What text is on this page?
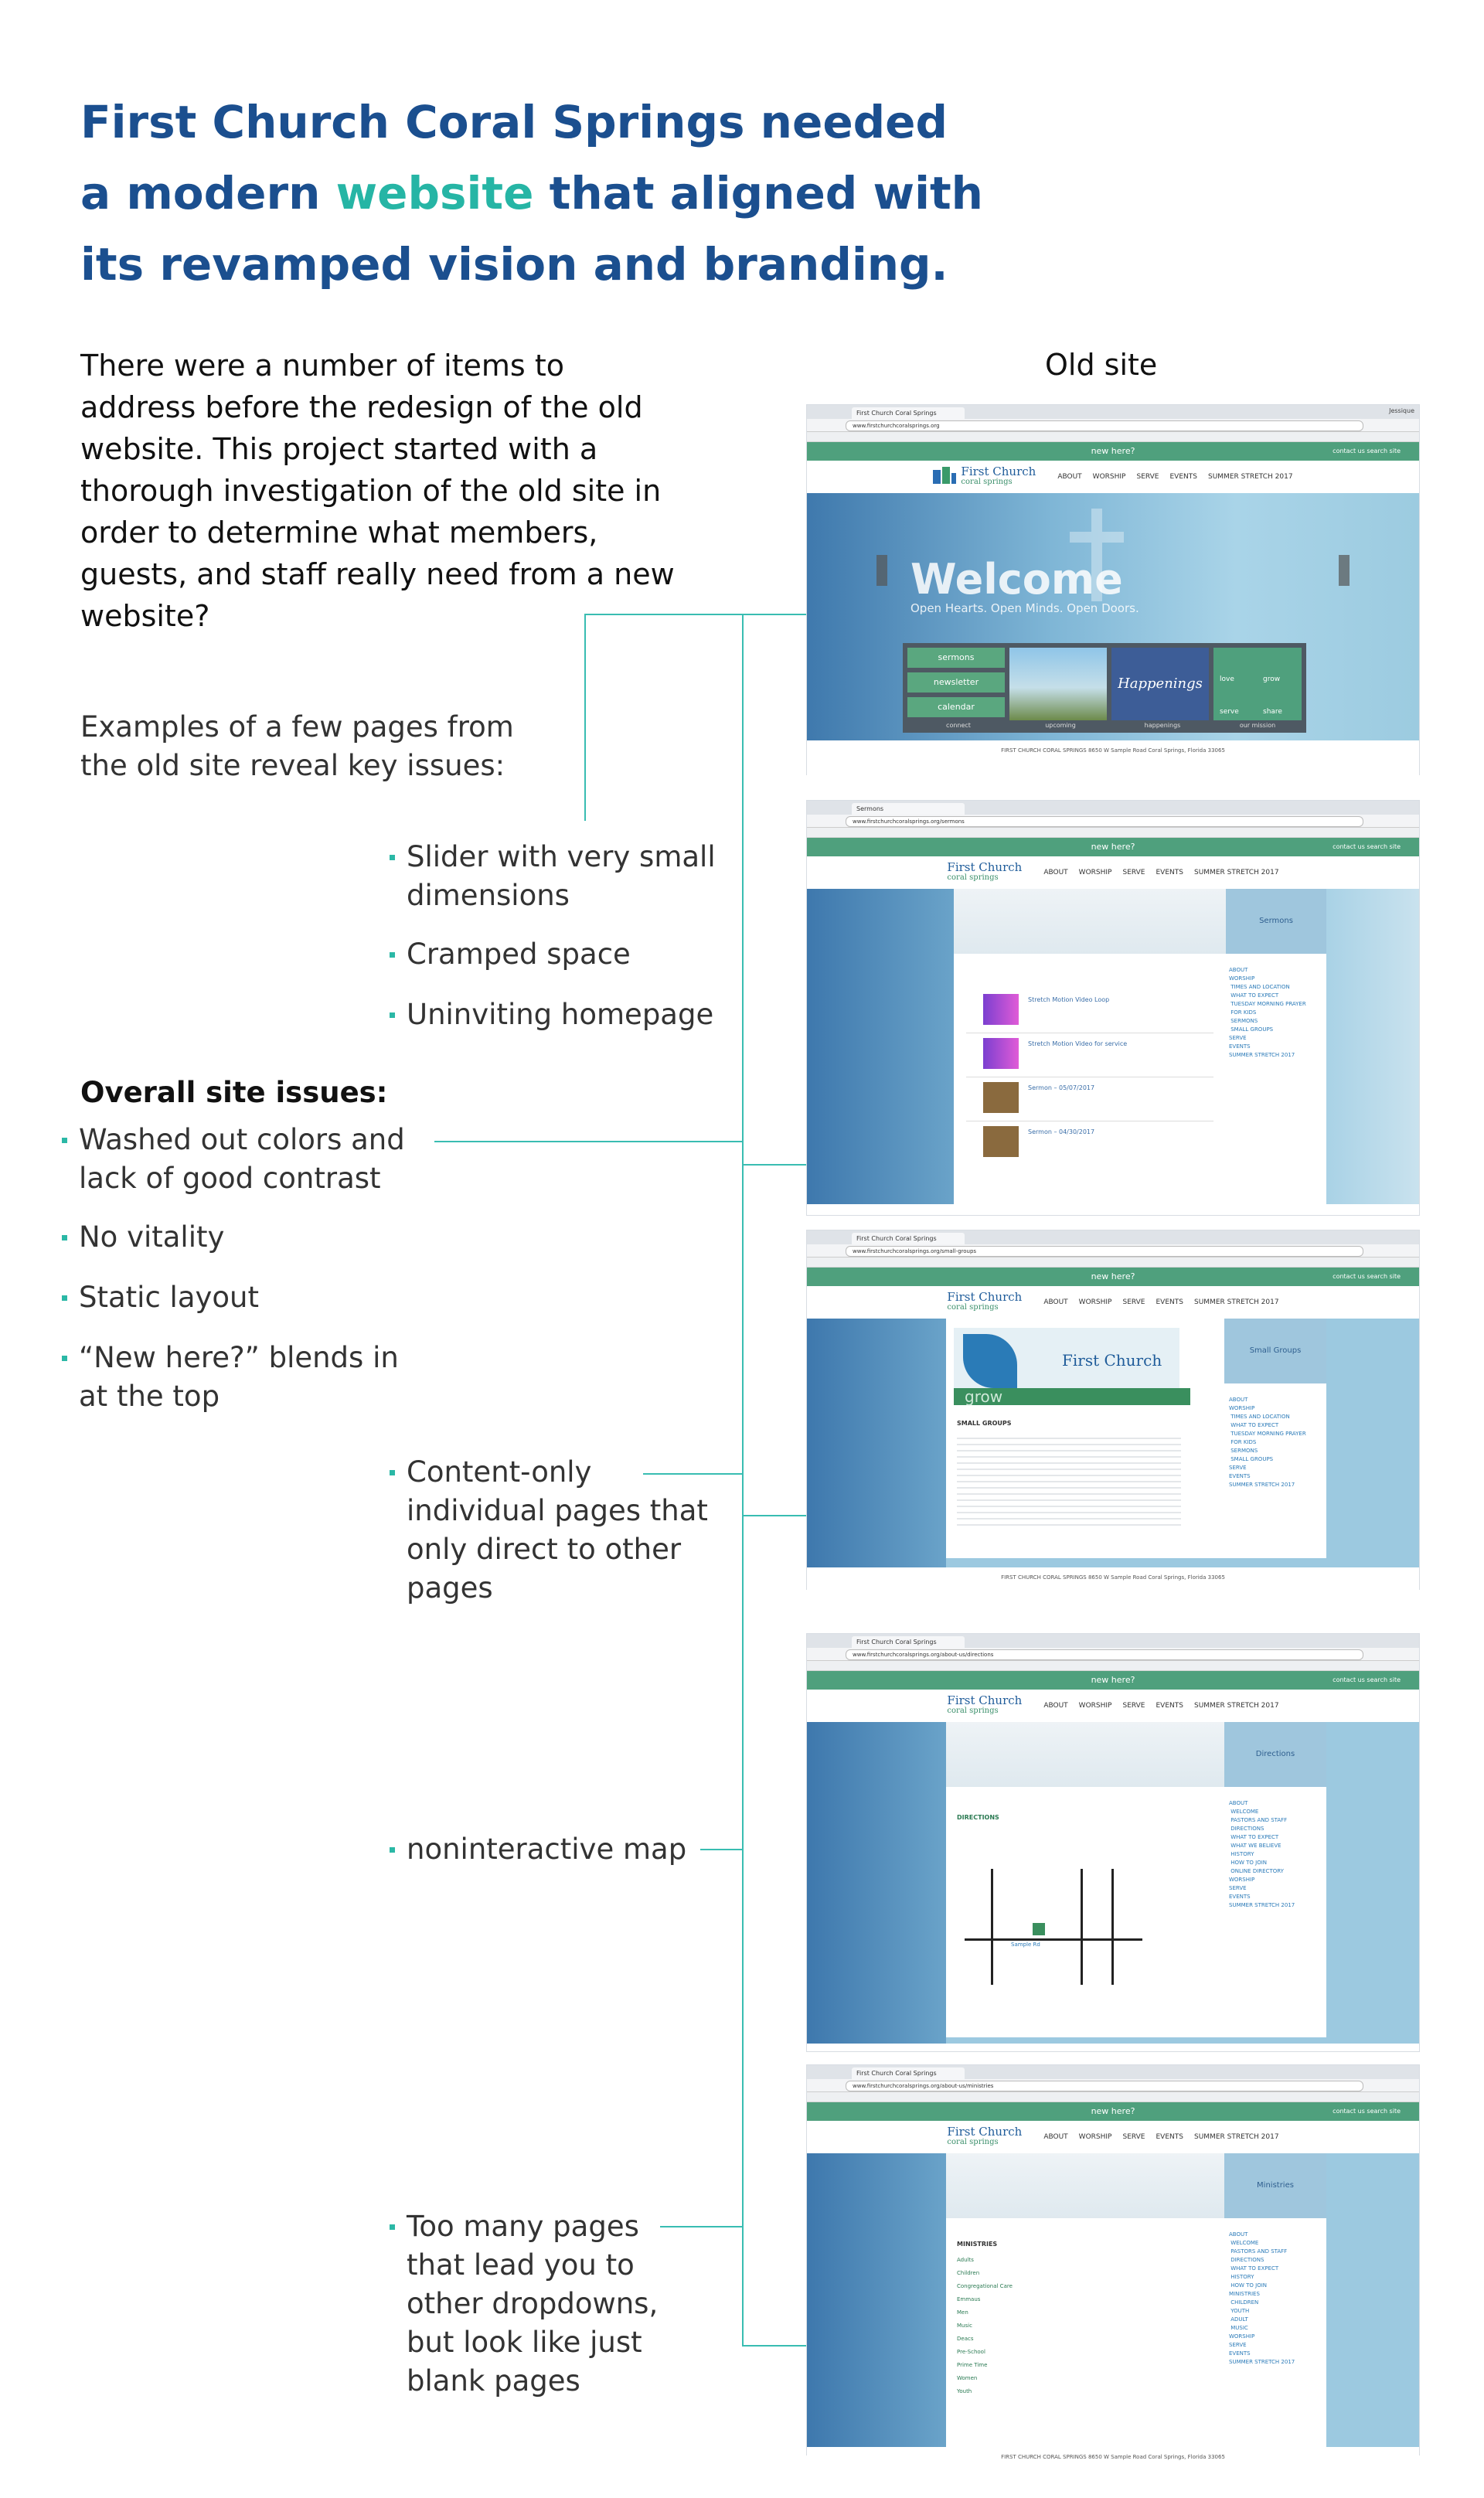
First Church Coral Springs needed
a modern website that aligned with
its revamped vision and branding.

There were a number of items to address before the redesign of the old website. This project started with a thorough investigation of the old site in order to determine what members, guests, and staff really need from a new website?

Examples of a few pages from the old site reveal key issues:

Old site
Slider with very small dimensions
Cramped space
Uninviting homepage
Overall site issues:
Washed out colors and lack of good contrast
No vitality
Static layout
“New here?” blends in at the top
Content-only individual pages that only direct to other pages
noninteractive map
Too many pages that lead you to other dropdowns, but look like just blank pages
First Church Coral Springs	Jessique
www.firstchurchcoralsprings.org
new here?	contact us search site
First Church
coral springs
ABOUT WORSHIP SERVE EVENTS SUMMER STRETCH 2017
Welcome
Open Hearts. Open Minds. Open Doors.
sermons
newsletter
calendar
Happenings	love	grow
serve	share
connect	upcoming	happenings	our mission
FIRST CHURCH CORAL SPRINGS 8650 W Sample Road Coral Springs, Florida 33065
Sermons
www.firstchurchcoralsprings.org/sermons
new here?	contact us search site
First Church
coral springs
ABOUT WORSHIP SERVE EVENTS SUMMER STRETCH 2017
Sermons
ABOUT
WORSHIP
TIMES AND LOCATION
WHAT TO EXPECT
TUESDAY MORNING PRAYER
FOR KIDS
SERMONS
SMALL GROUPS
SERVE
EVENTS
SUMMER STRETCH 2017
Stretch Motion Video Loop
Stretch Motion Video for service
Sermon – 05/07/2017
Sermon – 04/30/2017
First Church Coral Springs
www.firstchurchcoralsprings.org/small-groups
new here?	contact us search site
First Church
coral springs
ABOUT WORSHIP SERVE EVENTS SUMMER STRETCH 2017
First Church
grow
Small Groups
SMALL GROUPS
ABOUT
WORSHIP
TIMES AND LOCATION
WHAT TO EXPECT
TUESDAY MORNING PRAYER
FOR KIDS
SERMONS
SMALL GROUPS
SERVE
EVENTS
SUMMER STRETCH 2017
FIRST CHURCH CORAL SPRINGS 8650 W Sample Road Coral Springs, Florida 33065
First Church Coral Springs
www.firstchurchcoralsprings.org/about-us/directions
new here?	contact us search site
First Church
coral springs
ABOUT WORSHIP SERVE EVENTS SUMMER STRETCH 2017
Directions
DIRECTIONS
Sample Rd
ABOUT
WELCOME
PASTORS AND STAFF
DIRECTIONS
WHAT TO EXPECT
WHAT WE BELIEVE
HISTORY
HOW TO JOIN
ONLINE DIRECTORY
WORSHIP
SERVE
EVENTS
SUMMER STRETCH 2017
First Church Coral Springs
www.firstchurchcoralsprings.org/about-us/ministries
new here?	contact us search site
First Church
coral springs
ABOUT WORSHIP SERVE EVENTS SUMMER STRETCH 2017
Ministries
MINISTRIES
Adults
Children
Congregational Care
Emmaus
Men
Music
Deacs
Pre-School
Prime Time
Women
Youth
ABOUT
WELCOME
PASTORS AND STAFF
DIRECTIONS
WHAT TO EXPECT
HISTORY
HOW TO JOIN
MINISTRIES
CHILDREN
YOUTH
ADULT
MUSIC
WORSHIP
SERVE
EVENTS
SUMMER STRETCH 2017
FIRST CHURCH CORAL SPRINGS 8650 W Sample Road Coral Springs, Florida 33065
